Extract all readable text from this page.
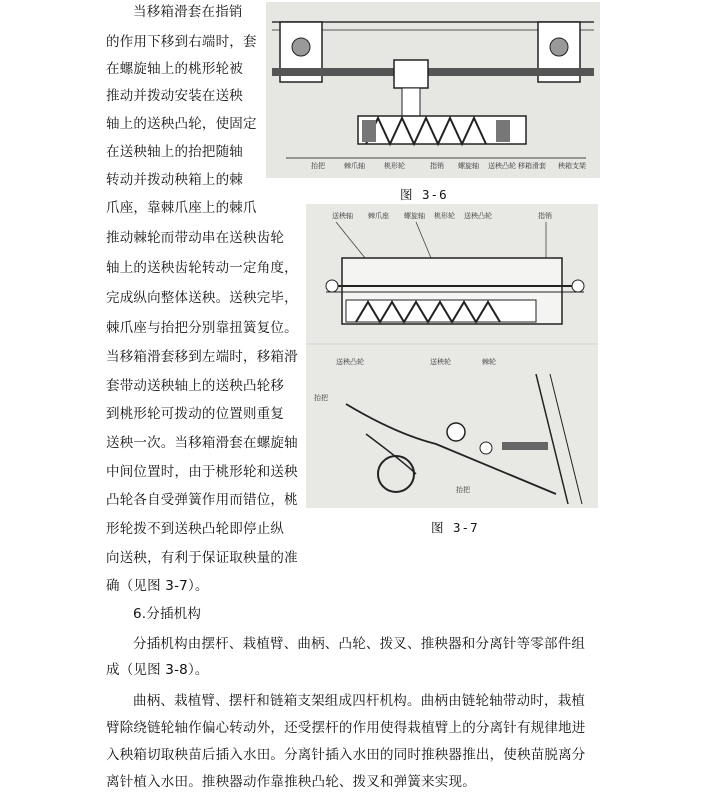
当移箱滑套在指销
的作用下移到右端时，套
在螺旋轴上的桃形轮被
推动并拨动安装在送秧
轴上的送秧凸轮，使固定
在送秧轴上的抬把随轴
转动并拨动秧箱上的棘
爪座，靠棘爪座上的棘爪
推动棘轮而带动串在送秧齿轮
轴上的送秧齿轮转动一定角度，
完成纵向整体送秧。送秧完毕，
棘爪座与抬把分别靠扭簧复位。
当移箱滑套移到左端时，移箱滑
套带动送秧轴上的送秧凸轮移
到桃形轮可拨动的位置则重复
送秧一次。当移箱滑套在螺旋轴
中间位置时，由于桃形轮和送秧
凸轮各自受弹簧作用而错位，桃
形轮拨不到送秧凸轮即停止纵
向送秧，有利于保证取秧量的准
确（见图 3-7）。
抬把	棘爪轴	桃形轮	指销 螺旋轴 送秧凸轮 移箱滑套 秧箱支架
图 3-6
送秧轴 棘爪座 螺旋轴 桃形轮 送秧凸轮	指销
送秧凸轮	送秧轮	棘轮
抬把
抬把
图 3-7
6.分插机构
分插机构由摆杆、栽植臂、曲柄、凸轮、拨叉、推秧器和分离针等零部件组
成（见图 3-8）。
曲柄、栽植臂、摆杆和链箱支架组成四杆机构。曲柄由链轮轴带动时，栽植
臂除绕链轮轴作偏心转动外，还受摆杆的作用使得栽植臂上的分离针有规律地进
入秧箱切取秧苗后插入水田。分离针插入水田的同时推秧器推出，使秧苗脱离分
离针植入水田。推秧器动作靠推秧凸轮、拨叉和弹簧来实现。
